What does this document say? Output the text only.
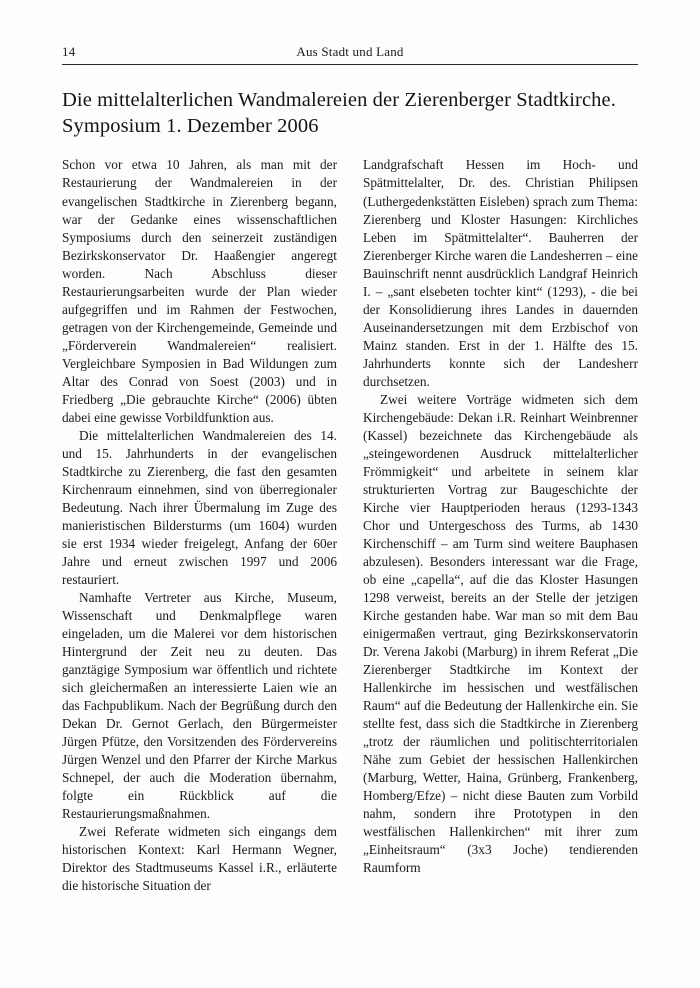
14	Aus Stadt und Land
Die mittelalterlichen Wandmalereien der Zierenberger Stadtkirche.
Symposium 1. Dezember 2006

Schon vor etwa 10 Jahren, als man mit der Restaurierung der Wandmalereien in der evangelischen Stadtkirche in Zierenberg begann, war der Gedanke eines wissenschaftlichen Symposiums durch den seinerzeit zuständigen Bezirkskonservator Dr. Haaßengier angeregt worden. Nach Abschluss dieser Restaurierungsarbeiten wurde der Plan wieder aufgegriffen und im Rahmen der Festwochen, getragen von der Kirchengemeinde, Gemeinde und „Förderverein Wandmalereien“ realisiert. Vergleichbare Symposien in Bad Wildungen zum Altar des Conrad von Soest (2003) und in Friedberg „Die gebrauchte Kirche“ (2006) übten dabei eine gewisse Vorbildfunktion aus.

Die mittelalterlichen Wandmalereien des 14. und 15. Jahrhunderts in der evangelischen Stadtkirche zu Zierenberg, die fast den gesamten Kirchenraum einnehmen, sind von überregionaler Bedeutung. Nach ihrer Übermalung im Zuge des manieristischen Bildersturms (um 1604) wurden sie erst 1934 wieder freigelegt, Anfang der 60er Jahre und erneut zwischen 1997 und 2006 restauriert.

Namhafte Vertreter aus Kirche, Museum, Wissenschaft und Denkmalpflege waren eingeladen, um die Malerei vor dem historischen Hintergrund der Zeit neu zu deuten. Das ganztägige Symposium war öffentlich und richtete sich gleichermaßen an interessierte Laien wie an das Fachpublikum. Nach der Begrüßung durch den Dekan Dr. Gernot Gerlach, den Bürgermeister Jürgen Pfütze, den Vorsitzenden des Fördervereins Jürgen Wenzel und den Pfarrer der Kirche Markus Schnepel, der auch die Moderation übernahm, folgte ein Rückblick auf die Restaurierungsmaßnahmen.

Zwei Referate widmeten sich eingangs dem historischen Kontext: Karl Hermann Wegner, Direktor des Stadtmuseums Kassel i.R., erläuterte die historische Situation der

Landgrafschaft Hessen im Hoch- und Spätmittelalter, Dr. des. Christian Philipsen (Luthergedenkstätten Eisleben) sprach zum Thema: Zierenberg und Kloster Hasungen: Kirchliches Leben im Spätmittelalter“. Bauherren der Zierenberger Kirche waren die Landesherren – eine Bauinschrift nennt ausdrücklich Landgraf Heinrich I. – „sant elsebeten tochter kint“ (1293), - die bei der Konsolidierung ihres Landes in dauernden Auseinandersetzungen mit dem Erzbischof von Mainz standen. Erst in der 1. Hälfte des 15. Jahrhunderts konnte sich der Landesherr durchsetzen.

Zwei weitere Vorträge widmeten sich dem Kirchengebäude: Dekan i.R. Reinhart Weinbrenner (Kassel) bezeichnete das Kirchengebäude als „steingewordenen Ausdruck mittelalterlicher Frömmigkeit“ und arbeitete in seinem klar strukturierten Vortrag zur Baugeschichte der Kirche vier Hauptperioden heraus (1293-1343 Chor und Untergeschoss des Turms, ab 1430 Kirchenschiff – am Turm sind weitere Bauphasen abzulesen). Besonders interessant war die Frage, ob eine „capella“, auf die das Kloster Hasungen 1298 verweist, bereits an der Stelle der jetzigen Kirche gestanden habe. War man so mit dem Bau einigermaßen vertraut, ging Bezirkskonservatorin Dr. Verena Jakobi (Marburg) in ihrem Referat „Die Zierenberger Stadtkirche im Kontext der Hallenkirche im hessischen und westfälischen Raum“ auf die Bedeutung der Hallenkirche ein. Sie stellte fest, dass sich die Stadtkirche in Zierenberg „trotz der räumlichen und politischterritorialen Nähe zum Gebiet der hessischen Hallenkirchen (Marburg, Wetter, Haina, Grünberg, Frankenberg, Homberg/Efze) – nicht diese Bauten zum Vorbild nahm, sondern ihre Prototypen in den westfälischen Hallenkirchen“ mit ihrer zum „Einheitsraum“ (3x3 Joche) tendierenden Raumform
